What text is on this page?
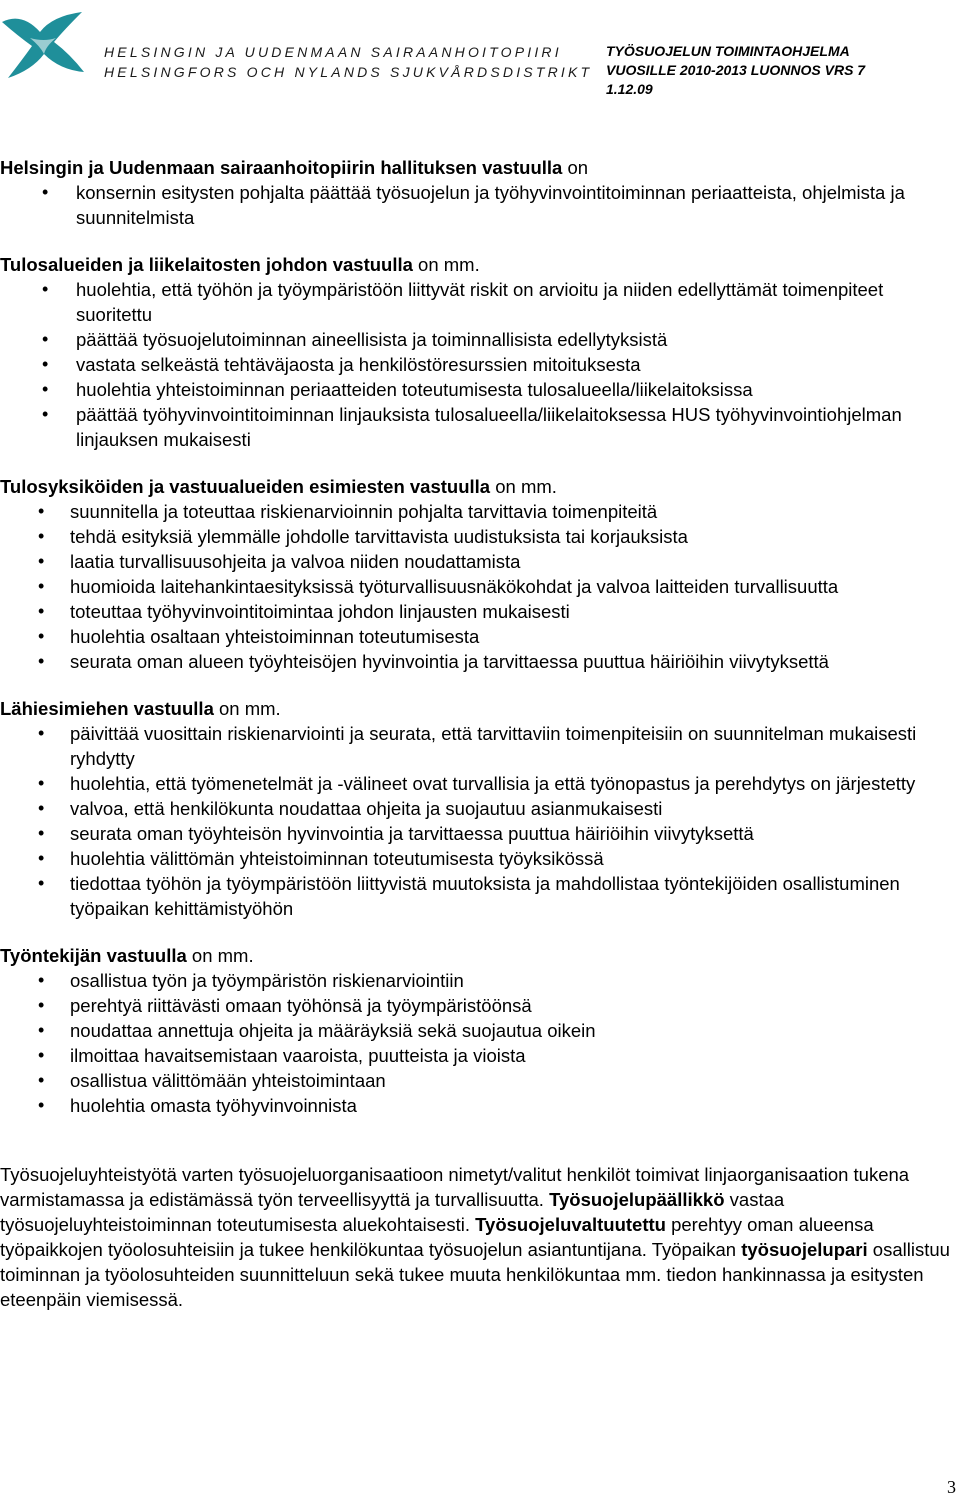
HELSINGIN JA UUDENMAAN SAIRAANHOITOPIIRI
HELSINGFORS OCH NYLANDS SJUKVÅRDSDISTRIKT
TYÖSUOJELUN TOIMINTAOHJELMA
VUOSILLE 2010-2013 LUONNOS VRS 7
1.12.09
Helsingin ja Uudenmaan sairaanhoitopiirin hallituksen vastuulla on
• konsernin esitysten pohjalta päättää työsuojelun ja työhyvinvointitoiminnan periaatteista, ohjelmista ja suunnitelmista
Tulosalueiden ja liikelaitosten johdon vastuulla on mm.
• huolehtia, että työhön ja työympäristöön liittyvät riskit on arvioitu ja niiden edellyttämät toimenpiteet suoritettu
• päättää työsuojelutoiminnan aineellisista ja toiminnallisista edellytyksistä
• vastata selkeästä tehtäväjaosta ja henkilöstöresurssien mitoituksesta
• huolehtia yhteistoiminnan periaatteiden toteutumisesta tulosalueella/liikelaitoksissa
• päättää työhyvinvointitoiminnan linjauksista tulosalueella/liikelaitoksessa HUS työhyvinvointiohjelman linjauksen mukaisesti
Tulosyksiköiden ja vastuualueiden esimiesten vastuulla on mm.
• suunnitella ja toteuttaa riskienarvioinnin pohjalta tarvittavia toimenpiteitä
• tehdä esityksiä ylemmälle johdolle tarvittavista uudistuksista tai korjauksista
• laatia turvallisuusohjeita ja valvoa niiden noudattamista
• huomioida laitehankintaesityksissä työturvallisuusnäkökohdat ja valvoa laitteiden turvallisuutta
• toteuttaa työhyvinvointitoimintaa johdon linjausten mukaisesti
• huolehtia osaltaan yhteistoiminnan toteutumisesta
• seurata oman alueen työyhteisöjen hyvinvointia ja tarvittaessa puuttua häiriöihin viivytyksettä
Lähiesimiehen vastuulla on mm.
• päivittää vuosittain riskienarviointi ja seurata, että tarvittaviin toimenpiteisiin on suunnitelman mukaisesti ryhdytty
• huolehtia, että työmenetelmät ja -välineet ovat turvallisia ja että työnopastus ja perehdytys on järjestetty
• valvoa, että henkilökunta noudattaa ohjeita ja suojautuu asianmukaisesti
• seurata oman työyhteisön hyvinvointia ja tarvittaessa puuttua häiriöihin viivytyksettä
• huolehtia välittömän yhteistoiminnan toteutumisesta työyksikössä
• tiedottaa työhön ja työympäristöön liittyvistä muutoksista ja mahdollistaa työntekijöiden osallistuminen työpaikan kehittämistyöhön
Työntekijän vastuulla on mm.
• osallistua työn ja työympäristön riskienarviointiin
• perehtyä riittävästi omaan työhönsä ja työympäristöönsä
• noudattaa annettuja ohjeita ja määräyksiä sekä suojautua oikein
• ilmoittaa havaitsemistaan vaaroista, puutteista ja vioista
• osallistua välittömään yhteistoimintaan
• huolehtia omasta työhyvinvoinnista
Työsuojeluyhteistyötä varten työsuojeluorganisaatioon nimetyt/valitut henkilöt toimivat linjaorganisaation tukena varmistamassa ja edistämässä työn terveellisyyttä ja turvallisuutta. Työsuojelupäällikkö vastaa työsuojeluyhteistoiminnan toteutumisesta aluekohtaisesti. Työsuojeluvaltuutettu perehtyy oman alueensa työpaikkojen työolosuhteisiin ja tukee henkilökuntaa työsuojelun asiantuntijana. Työpaikan työsuojelupari osallistuu toiminnan ja työolosuhteiden suunnitteluun sekä tukee muuta henkilökuntaa mm. tiedon hankinnassa ja esitysten eteenpäin viemisessä.
3
